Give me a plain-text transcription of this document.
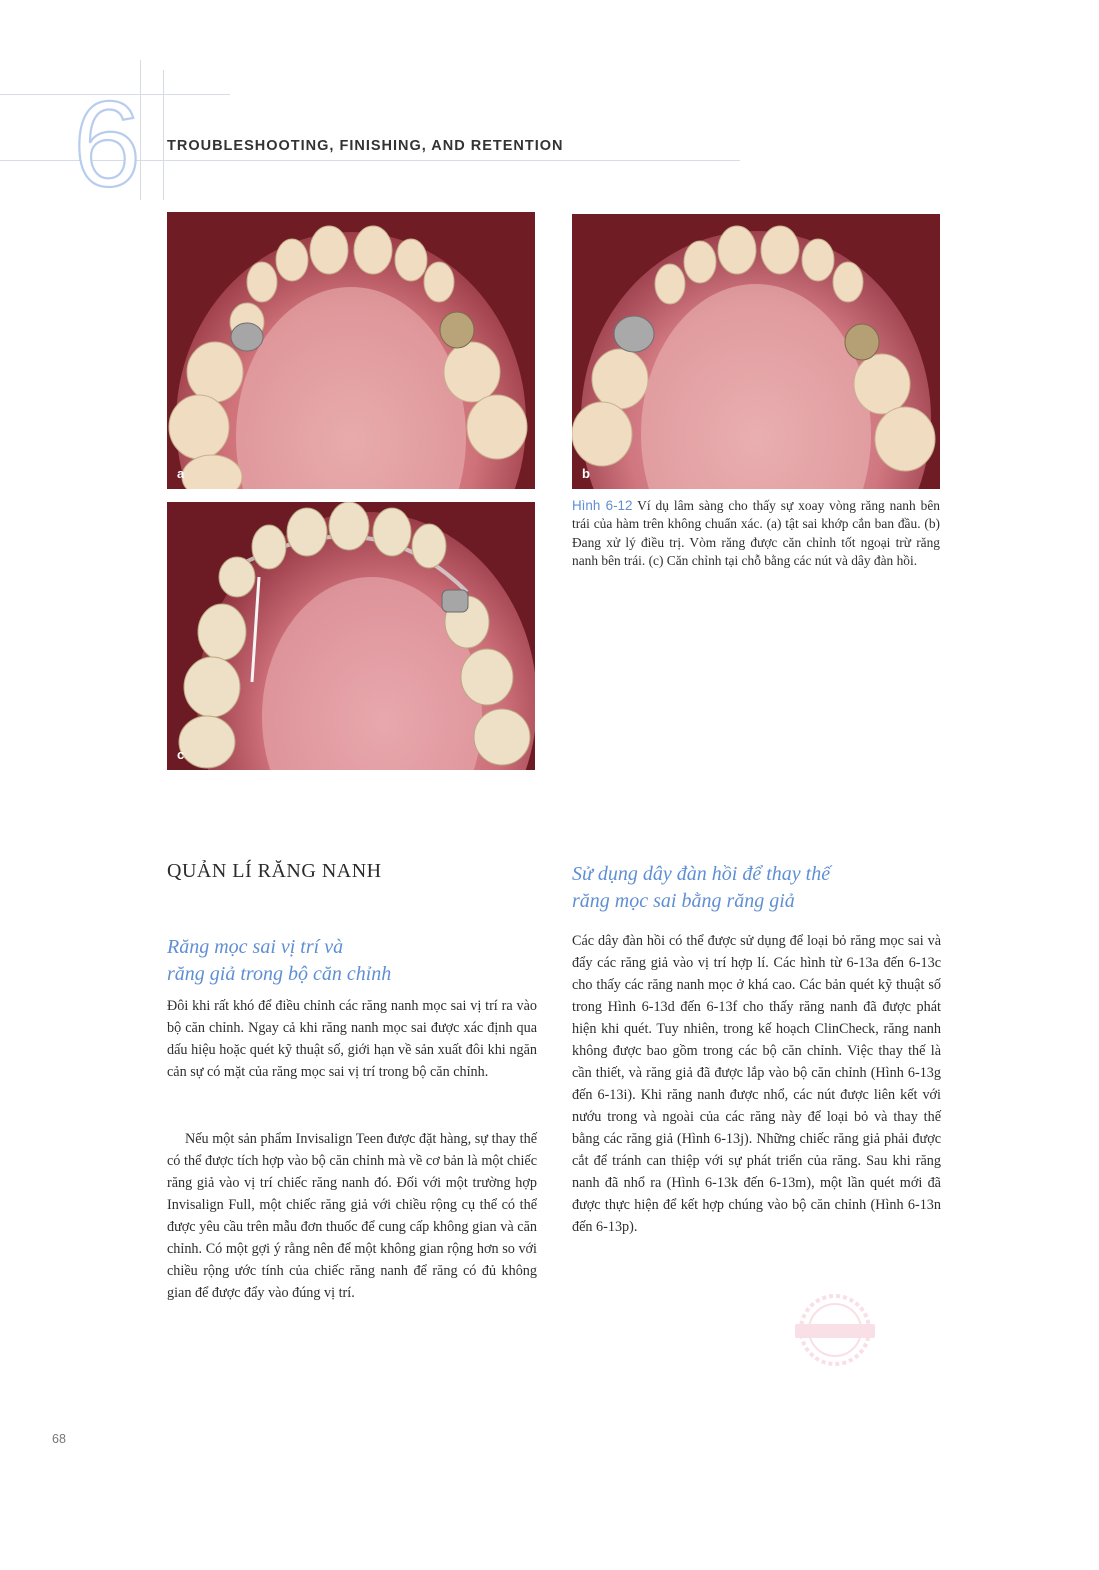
6 TROUBLESHOOTING, FINISHING, AND RETENTION
a	b
c
Hình 6-12 Ví dụ lâm sàng cho thấy sự xoay vòng răng nanh bên trái của hàm trên không chuẩn xác. (a) tật sai khớp cắn ban đầu. (b) Đang xử lý điều trị. Vòm răng được căn chỉnh tốt ngoại trừ răng nanh bên trái. (c) Căn chỉnh tại chỗ bằng các nút và dây đàn hồi.
QUẢN LÍ RĂNG NANH
Răng mọc sai vị trí và
răng giả trong bộ căn chỉnh

Đôi khi rất khó để điều chỉnh các răng nanh mọc sai vị trí ra vào bộ căn chỉnh. Ngay cả khi răng nanh mọc sai được xác định qua dấu hiệu hoặc quét kỹ thuật số, giới hạn về sản xuất đôi khi ngăn cản sự có mặt của răng mọc sai vị trí trong bộ căn chỉnh.

Nếu một sản phẩm Invisalign Teen được đặt hàng, sự thay thế có thể được tích hợp vào bộ căn chỉnh mà về cơ bản là một chiếc răng giả vào vị trí chiếc răng nanh đó. Đối với một trường hợp Invisalign Full, một chiếc răng giả với chiều rộng cụ thể có thể được yêu cầu trên mẫu đơn thuốc để cung cấp không gian và căn chỉnh. Có một gợi ý rằng nên để một không gian rộng hơn so với chiều rộng ước tính của chiếc răng nanh để răng có đủ không gian để được đẩy vào đúng vị trí.

Sử dụng dây đàn hồi để thay thế
răng mọc sai bằng răng giả

Các dây đàn hồi có thể được sử dụng để loại bỏ răng mọc sai và đẩy các răng giả vào vị trí hợp lí. Các hình từ 6-13a đến 6-13c cho thấy các răng nanh mọc ở khá cao. Các bản quét kỹ thuật số trong Hình 6-13d đến 6-13f cho thấy răng nanh đã được phát hiện khi quét. Tuy nhiên, trong kế hoạch ClinCheck, răng nanh không được bao gồm trong các bộ căn chỉnh. Việc thay thế là cần thiết, và răng giả đã được lắp vào bộ căn chỉnh (Hình 6-13g đến 6-13i). Khi răng nanh được nhổ, các nút được liên kết với nướu trong và ngoài của các răng này để loại bỏ và thay thế bằng các răng giả (Hình 6-13j). Những chiếc răng giả phải được cắt để tránh can thiệp với sự phát triển của răng. Sau khi răng nanh đã nhổ ra (Hình 6-13k đến 6-13m), một lần quét mới đã được thực hiện để kết hợp chúng vào bộ căn chỉnh (Hình 6-13n đến 6-13p).

68
